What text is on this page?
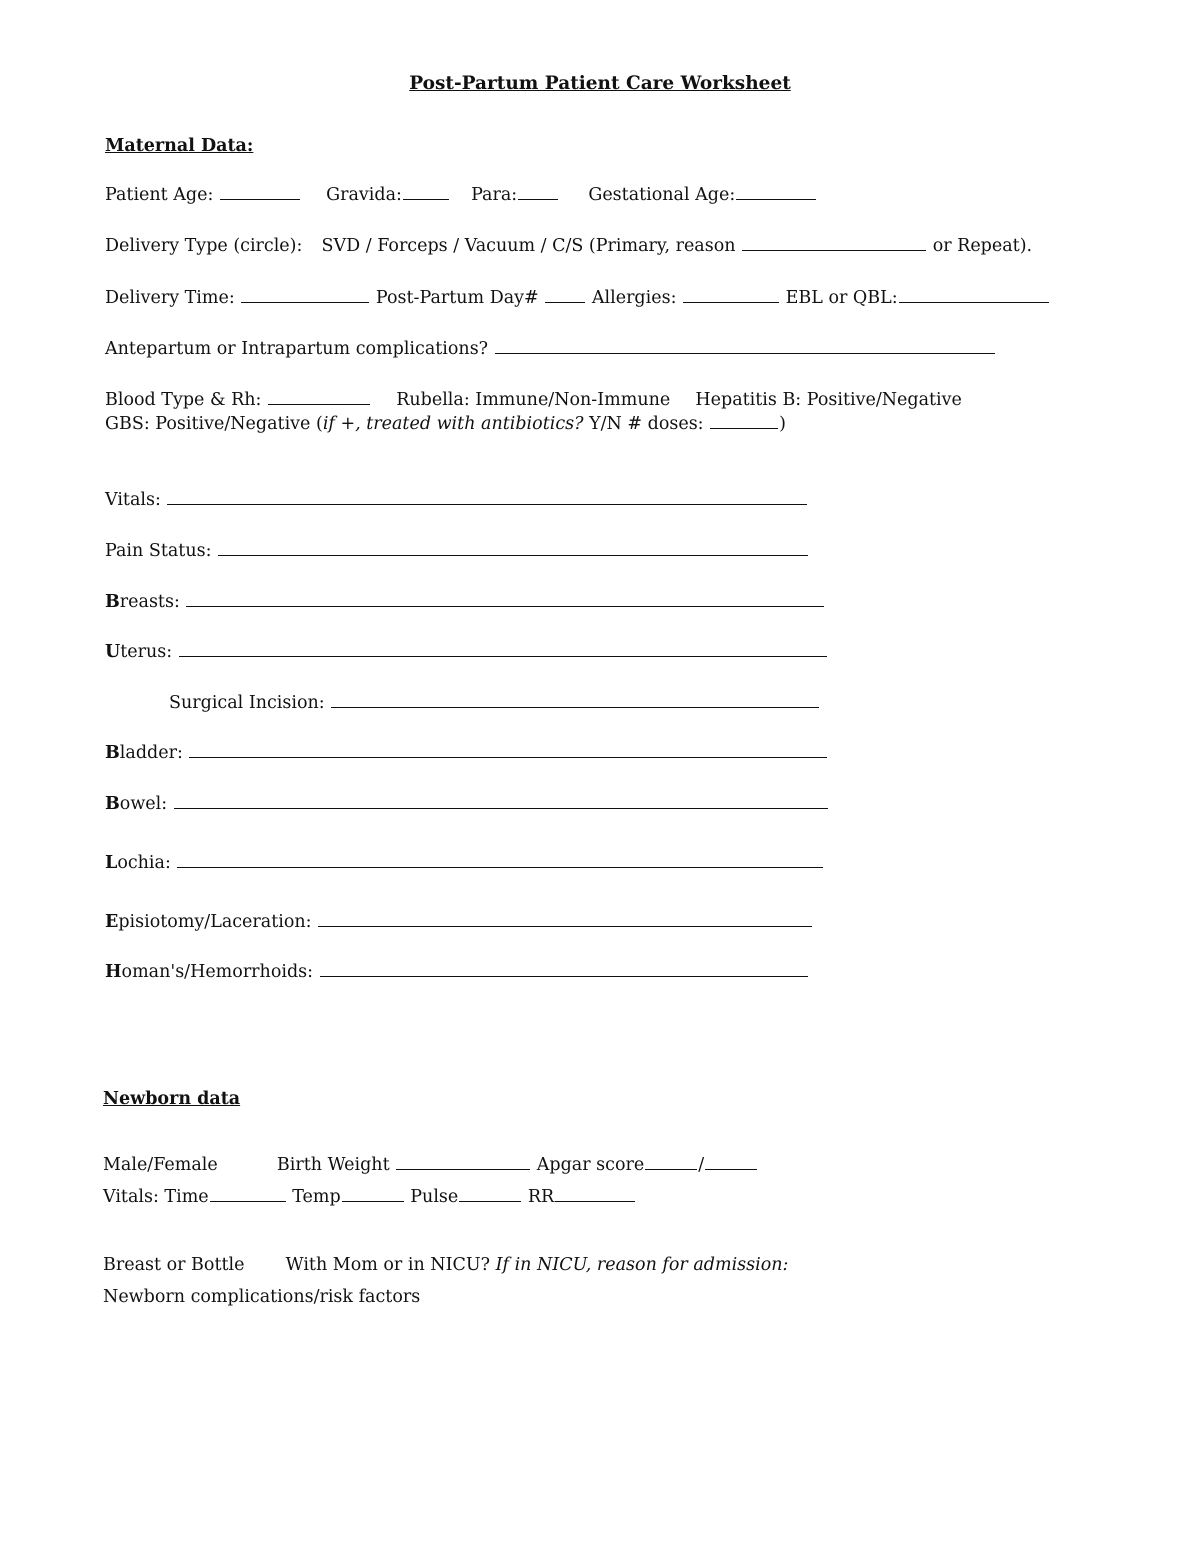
Post-Partum Patient Care Worksheet
Maternal Data:
Patient Age:	Gravida:	Para:	Gestational Age:
Delivery Type (circle): SVD / Forceps / Vacuum / C/S (Primary, reason	or Repeat).
Delivery Time:	Post-Partum Day#	Allergies:	EBL or QBL:
Antepartum or Intrapartum complications?
Blood Type & Rh:	Rubella: Immune/Non-Immune Hepatitis B: Positive/Negative
GBS: Positive/Negative (if +, treated with antibiotics? Y/N # doses:	)
Vitals:
Pain Status:
Breasts:
Uterus:
Surgical Incision:
Bladder:
Bowel:
Lochia:
Episiotomy/Laceration:
Homan's/Hemorrhoids:
Newborn data
Male/Female	Birth Weight	Apgar score	/
Vitals: Time	Temp	Pulse	RR
Breast or Bottle With Mom or in NICU? If in NICU, reason for admission:
Newborn complications/risk factors
